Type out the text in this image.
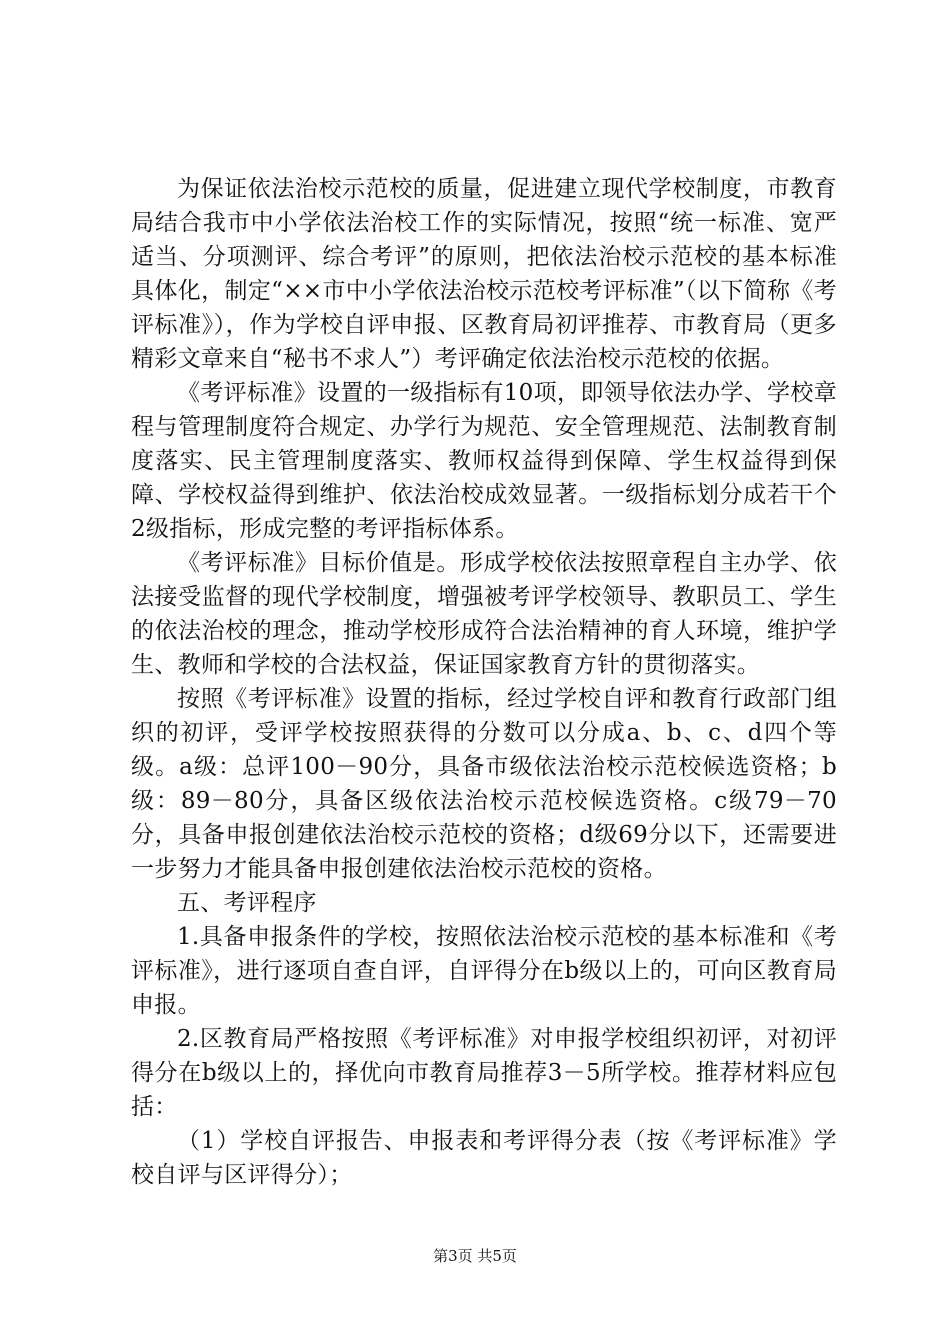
为保证依法治校示范校的质量，促进建立现代学校制度，市教育局结合我市中小学依法治校工作的实际情况，按照“统一标准、宽严适当、分项测评、综合考评”的原则，把依法治校示范校的基本标准具体化，制定“××市中小学依法治校示范校考评标准”（以下简称《考评标准》），作为学校自评申报、区教育局初评推荐、市教育局（更多精彩文章来自“秘书不求人”）考评确定依法治校示范校的依据。

《考评标准》设置的一级指标有10项，即领导依法办学、学校章程与管理制度符合规定、办学行为规范、安全管理规范、法制教育制度落实、民主管理制度落实、教师权益得到保障、学生权益得到保障、学校权益得到维护、依法治校成效显著。一级指标划分成若干个2级指标，形成完整的考评指标体系。

《考评标准》目标价值是。形成学校依法按照章程自主办学、依法接受监督的现代学校制度，增强被考评学校领导、教职员工、学生的依法治校的理念，推动学校形成符合法治精神的育人环境，维护学生、教师和学校的合法权益，保证国家教育方针的贯彻落实。

按照《考评标准》设置的指标，经过学校自评和教育行政部门组织的初评，受评学校按照获得的分数可以分成a、b、c、d四个等级。a级：总评100－90分，具备市级依法治校示范校候选资格；b级：89－80分，具备区级依法治校示范校候选资格。c级79－70分，具备申报创建依法治校示范校的资格；d级69分以下，还需要进一步努力才能具备申报创建依法治校示范校的资格。

五、考评程序

1.具备申报条件的学校，按照依法治校示范校的基本标准和《考评标准》，进行逐项自查自评，自评得分在b级以上的，可向区教育局申报。

2.区教育局严格按照《考评标准》对申报学校组织初评，对初评得分在b级以上的，择优向市教育局推荐3－5所学校。推荐材料应包括：

（1）学校自评报告、申报表和考评得分表（按《考评标准》学校自评与区评得分）；

第3页 共5页
